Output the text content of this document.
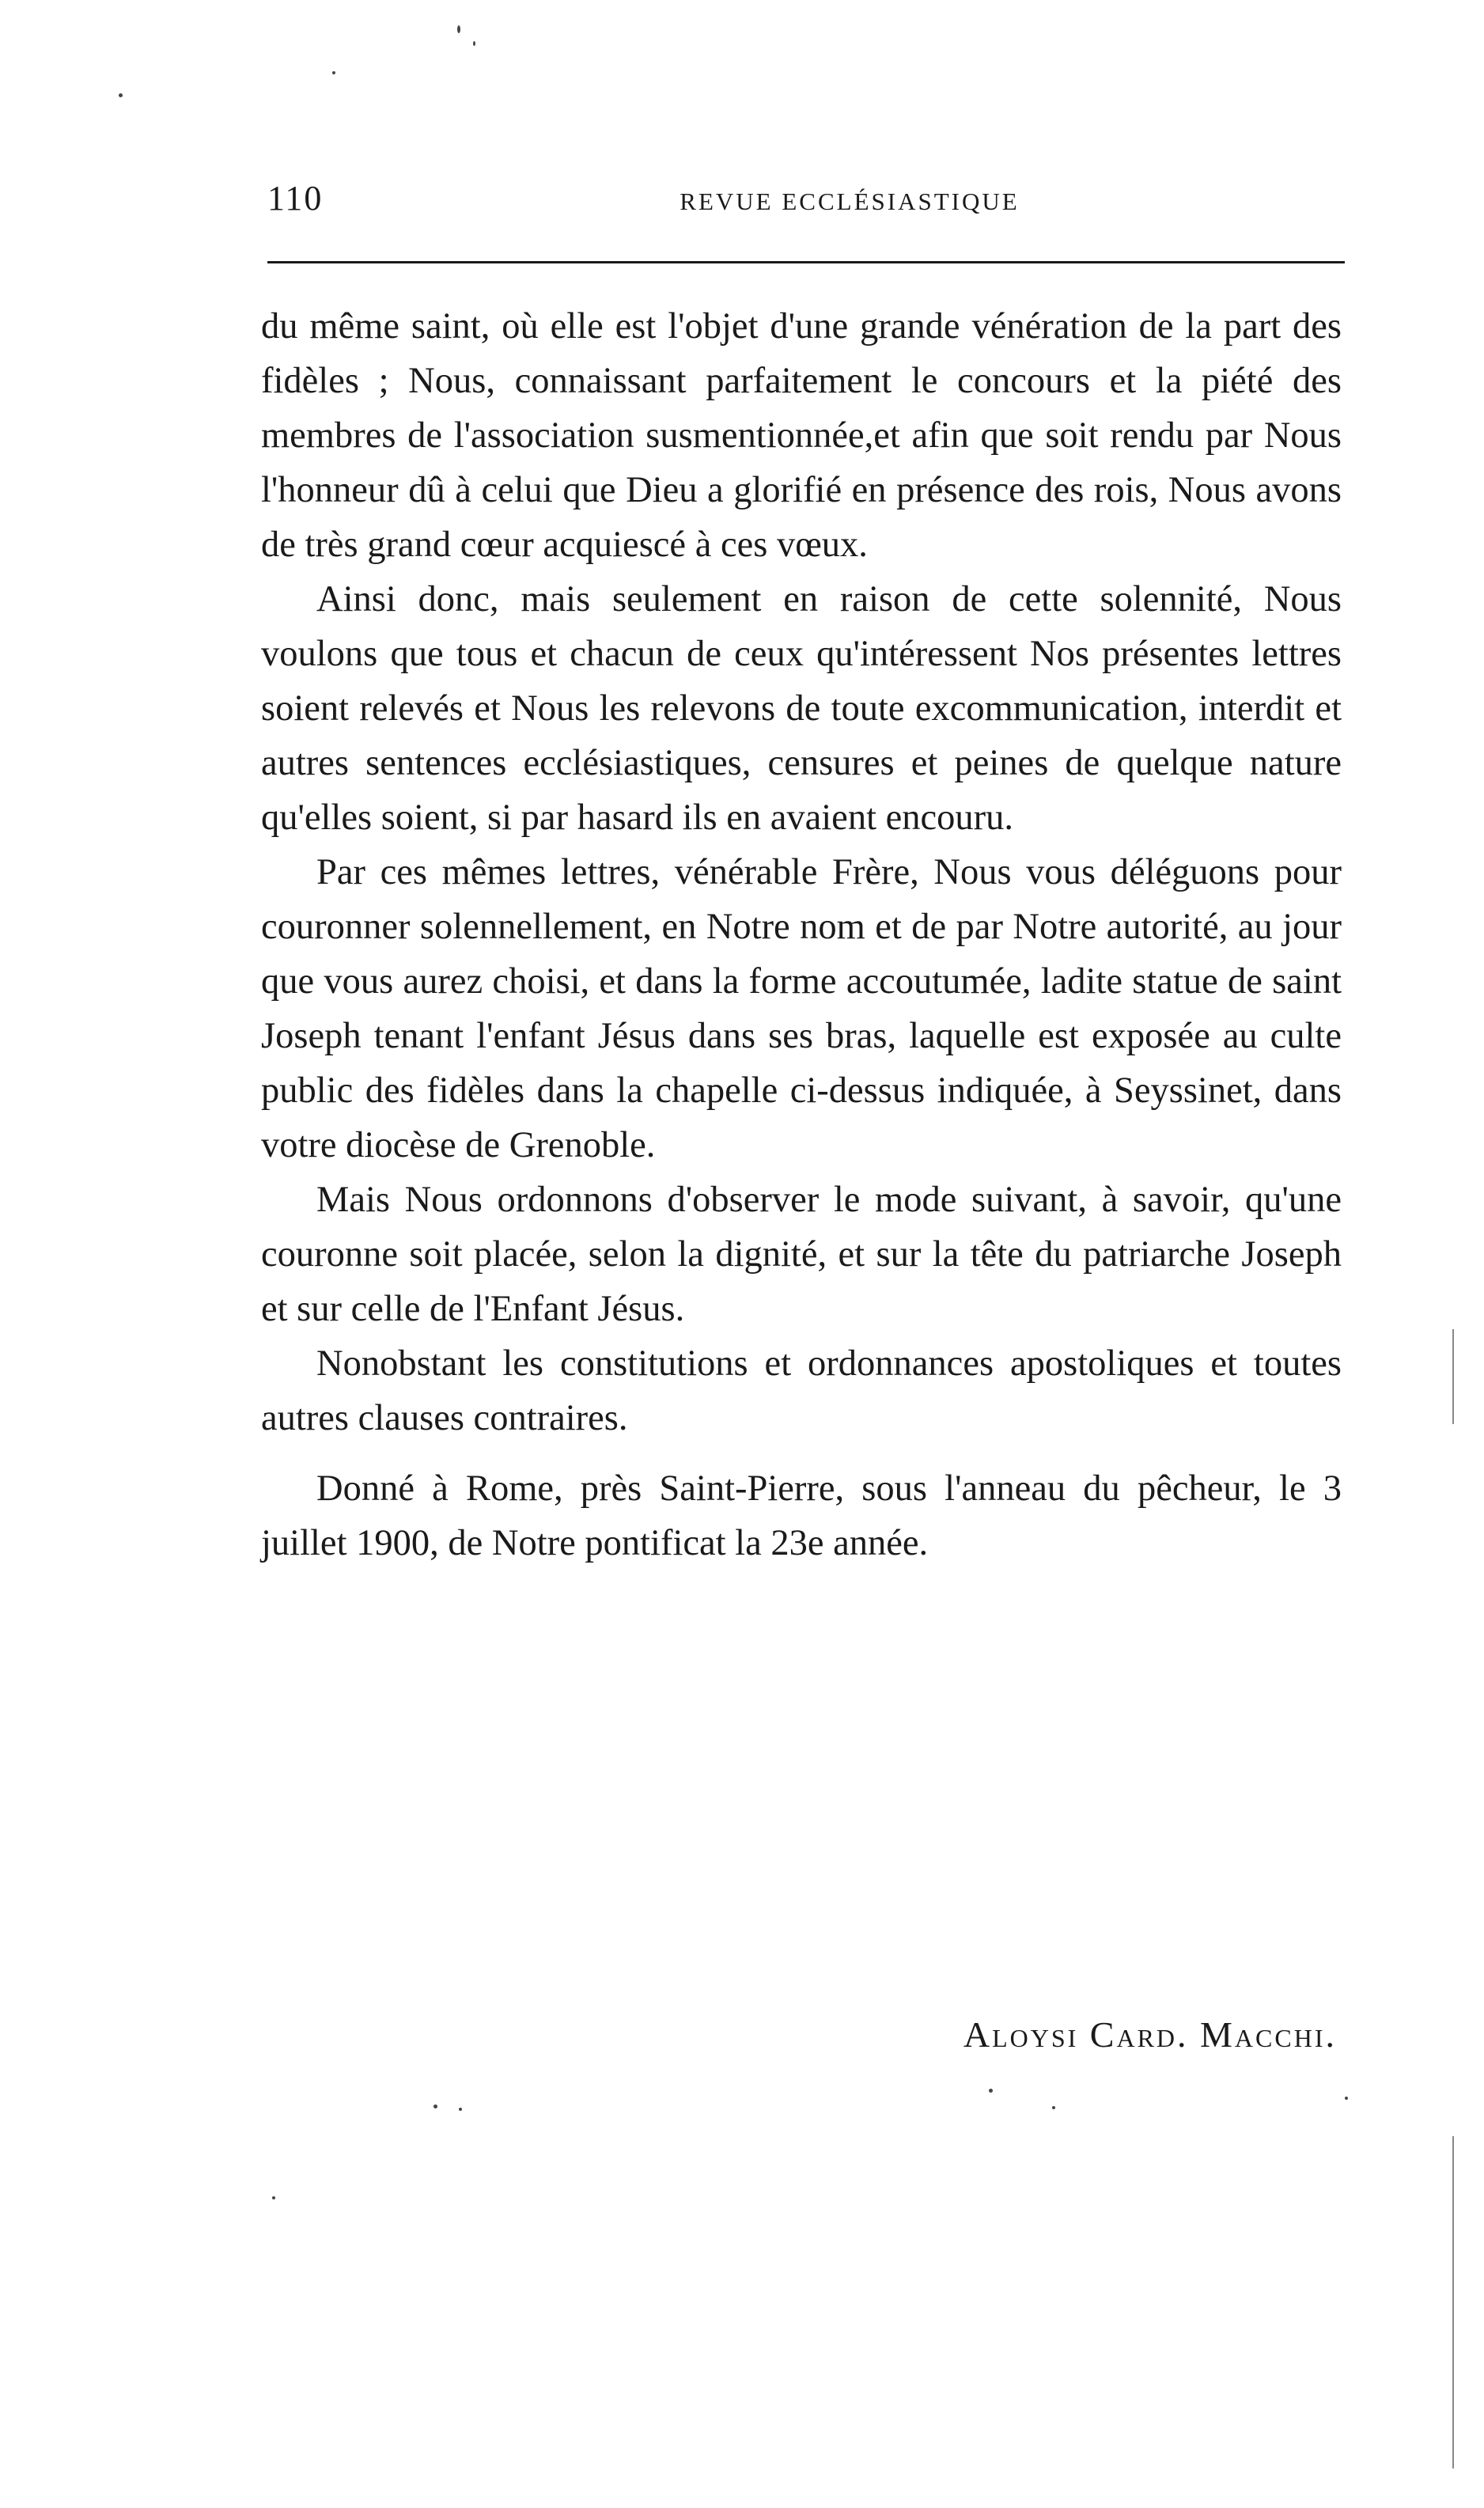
110	REVUE ECCLÉSIASTIQUE

du même saint, où elle est l'objet d'une grande vénération de la part des fidèles ; Nous, connaissant parfaitement le concours et la piété des membres de l'association susmentionnée,et afin que soit rendu par Nous l'honneur dû à celui que Dieu a glorifié en présence des rois, Nous avons de très grand cœur acquiescé à ces vœux.

Ainsi donc, mais seulement en raison de cette solennité, Nous voulons que tous et chacun de ceux qu'intéressent Nos présentes lettres soient relevés et Nous les relevons de toute excommunication, interdit et autres sentences ecclésiastiques, censures et peines de quelque nature qu'elles soient, si par hasard ils en avaient encouru.

Par ces mêmes lettres, vénérable Frère, Nous vous déléguons pour couronner solennellement, en Notre nom et de par Notre autorité, au jour que vous aurez choisi, et dans la forme accoutumée, ladite statue de saint Joseph tenant l'enfant Jésus dans ses bras, laquelle est exposée au culte public des fidèles dans la chapelle ci-dessus indiquée, à Seyssinet, dans votre diocèse de Grenoble.

Mais Nous ordonnons d'observer le mode suivant, à savoir, qu'une couronne soit placée, selon la dignité, et sur la tête du patriarche Joseph et sur celle de l'Enfant Jésus.

Nonobstant les constitutions et ordonnances apostoliques et toutes autres clauses contraires.

Donné à Rome, près Saint-Pierre, sous l'anneau du pêcheur, le 3 juillet 1900, de Notre pontificat la 23e année.

Aloysi Card. Macchi.
